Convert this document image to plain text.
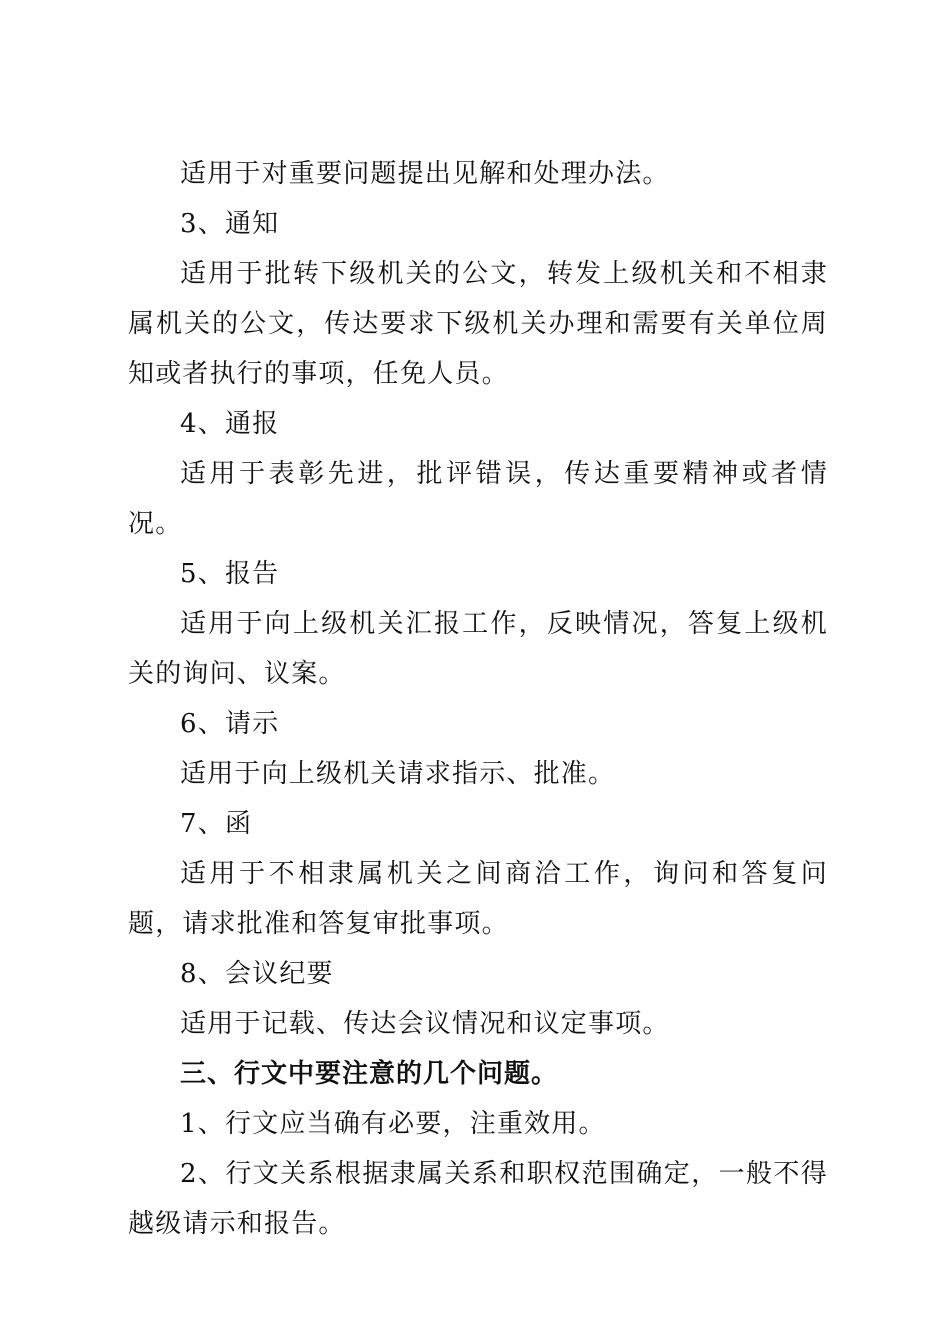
适用于对重要问题提出见解和处理办法。

3、通知

适用于批转下级机关的公文，转发上级机关和不相隶属机关的公文，传达要求下级机关办理和需要有关单位周知或者执行的事项，任免人员。

4、通报

适用于表彰先进，批评错误，传达重要精神或者情况。

5、报告

适用于向上级机关汇报工作，反映情况，答复上级机关的询问、议案。

6、请示

适用于向上级机关请求指示、批准。

7、函

适用于不相隶属机关之间商洽工作，询问和答复问题，请求批准和答复审批事项。

8、会议纪要

适用于记载、传达会议情况和议定事项。

三、行文中要注意的几个问题。

1、行文应当确有必要，注重效用。

2、行文关系根据隶属关系和职权范围确定，一般不得越级请示和报告。
